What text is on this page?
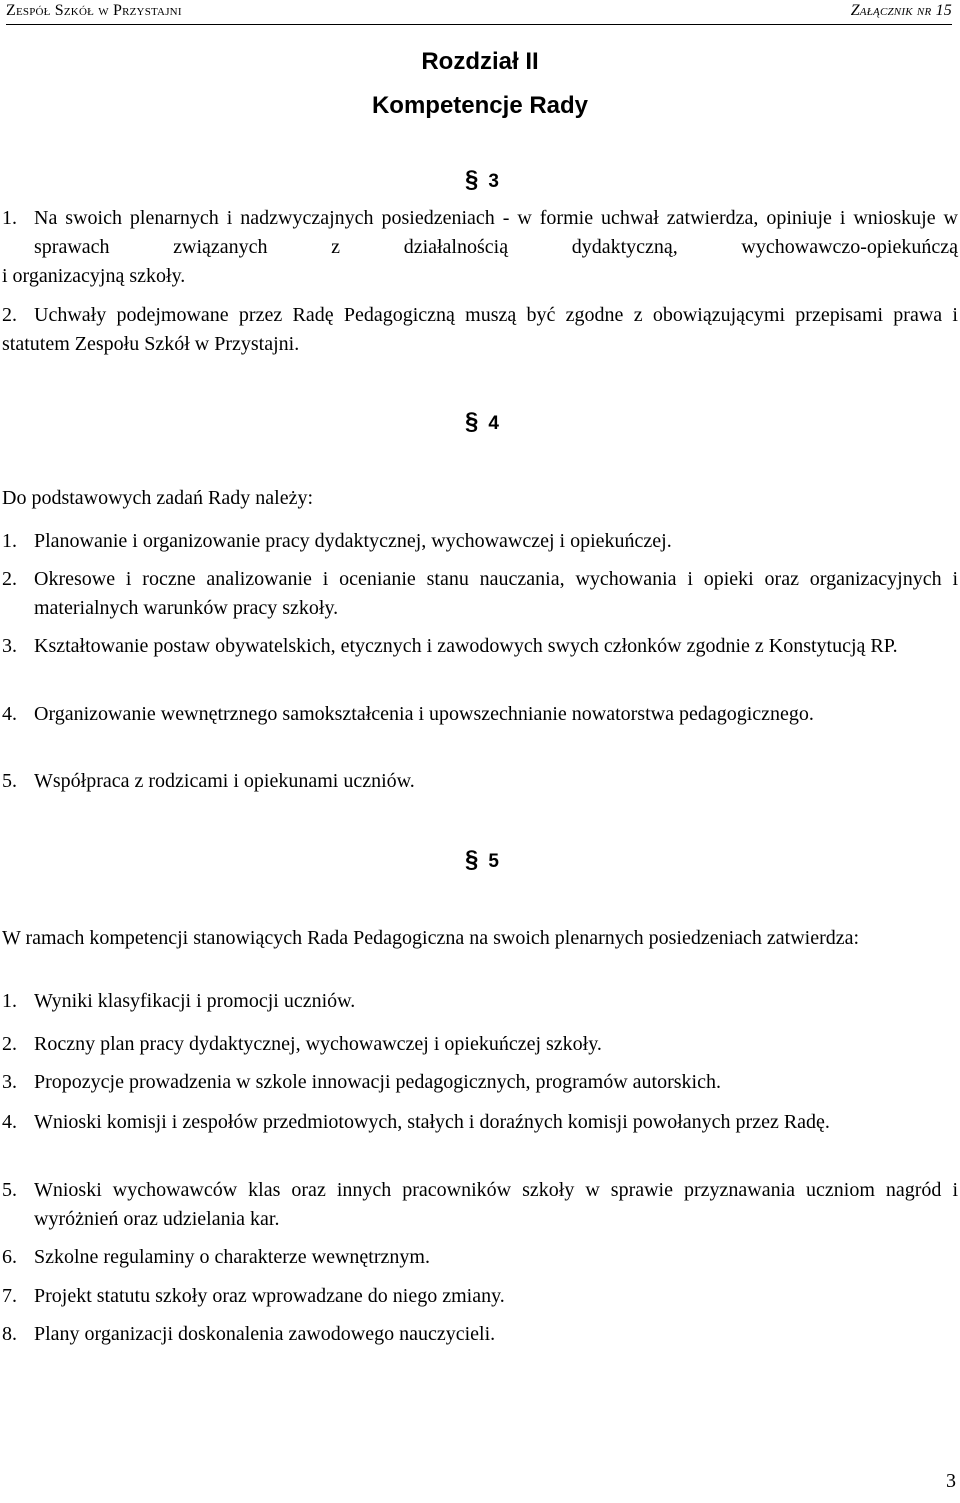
Zespół Szkół w Przystajni	Załącznik nr 15
Rozdział II
Kompetencje Rady
§ 3
1. Na swoich plenarnych i nadzwyczajnych posiedzeniach - w formie uchwał zatwierdza, opiniuje i wnioskuje w sprawach związanych z działalnością dydaktyczną, wychowawczo-opiekuńczą
i organizacyjną szkoły.
2. Uchwały podejmowane przez Radę Pedagogiczną muszą być zgodne z obowiązującymi przepisami prawa i statutem Zespołu Szkół w Przystajni.
§ 4
Do podstawowych zadań Rady należy:
1. Planowanie i organizowanie pracy dydaktycznej, wychowawczej i opiekuńczej.
2. Okresowe i roczne analizowanie i ocenianie stanu nauczania, wychowania i opieki oraz organizacyjnych i materialnych warunków pracy szkoły.
3. Kształtowanie postaw obywatelskich, etycznych i zawodowych swych członków zgodnie z Konstytucją RP.
4. Organizowanie wewnętrznego samokształcenia i upowszechnianie nowatorstwa pedagogicznego.
5. Współpraca z rodzicami i opiekunami uczniów.
§ 5
W ramach kompetencji stanowiących Rada Pedagogiczna na swoich plenarnych posiedzeniach zatwierdza:
1. Wyniki klasyfikacji i promocji uczniów.
2. Roczny plan pracy dydaktycznej, wychowawczej i opiekuńczej szkoły.
3. Propozycje prowadzenia w szkole innowacji pedagogicznych, programów autorskich.
4. Wnioski komisji i zespołów przedmiotowych, stałych i doraźnych komisji powołanych przez Radę.
5. Wnioski wychowawców klas oraz innych pracowników szkoły w sprawie przyznawania uczniom nagród i wyróżnień oraz udzielania kar.
6. Szkolne regulaminy o charakterze wewnętrznym.
7. Projekt statutu szkoły oraz wprowadzane do niego zmiany.
8. Plany organizacji doskonalenia zawodowego nauczycieli.
3
